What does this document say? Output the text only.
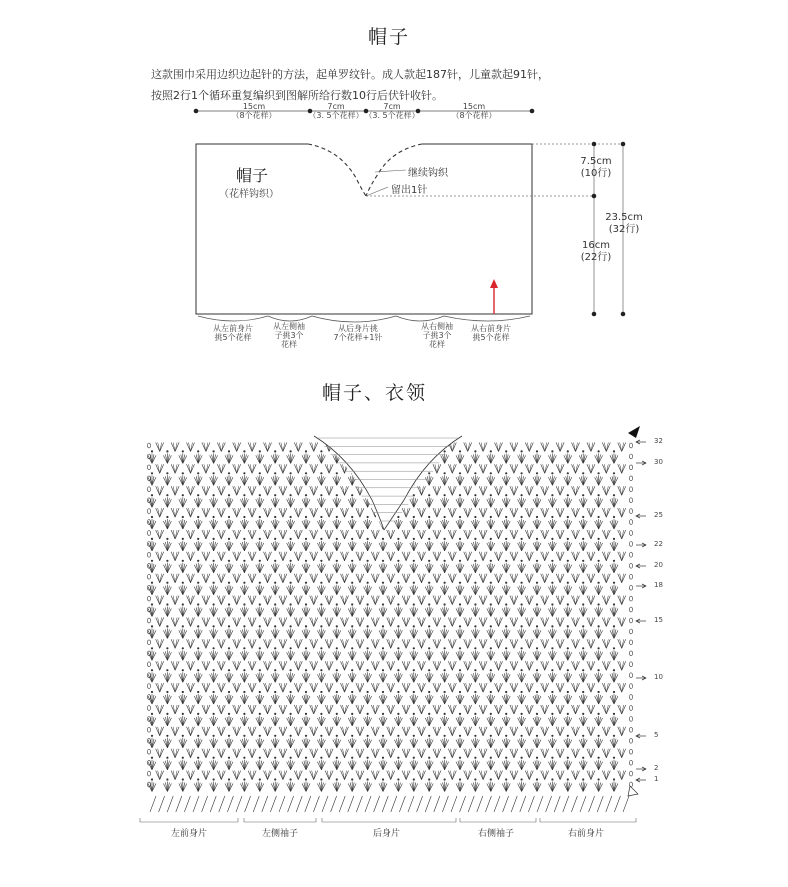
帽子
这款围巾采用边织边起针的方法，起单罗纹针。成人款起187针，儿童款起91针，
按照2行1个循环重复编织到图解所给行数10行后伏针收针。
15cm
（8个花样）
7cm
（3. 5个花样）
7cm
（3. 5个花样）
15cm
（8个花样）
帽子
（花样钩织）
继续钩织
留出1针
7.5cm
(10行)
16cm
(22行)
23.5cm
(32行)
从左前身片
挑5个花样
从左侧袖
子挑3个
花样
从后身片挑
7个花样+1针
从右侧袖
子挑3个
花样
从右前身片
挑5个花样
帽子、衣领
32
30
25
22
20
18
15
10
5
2
1
左前身片	左侧袖子	后身片	右侧袖子	右前身片
